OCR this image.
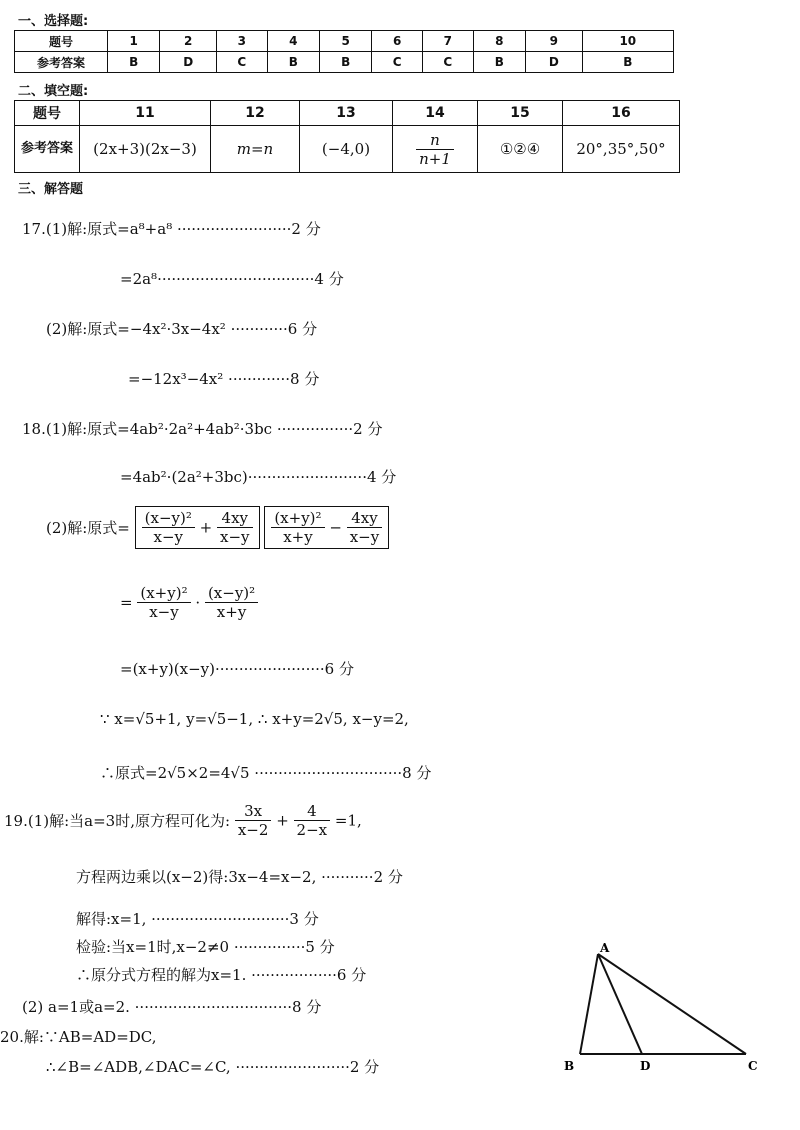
一、选择题:
题号	1	2	3	4	5	6	7	8	9	10
参考答案	B	D	C	B	B	C	C	B	D	B
二、填空题:
题号	11	12	13	14	15	16
参考答案	(2x+3)(2x−3)	m=n	(−4,0)	$\frac{n}{n+1}$	①②④	20°,35°,50°
三、解答题
17.(1)解:原式=a⁸+a⁸ ························2 分
=2a⁸·································4 分
(2)解:原式=−4x²·3x−4x² ············6 分
=−12x³−4x² ·············8 分
18.(1)解:原式=4ab²·2a²+4ab²·3bc ················2 分
=4ab²·(2a²+3bc)·························4 分
(2)解:原式= $\frac{\text{(x−y)²}}{x-y} + \frac{4xy}{x-y}$
$\frac{\text{(x+y)²}}{x+y} - \frac{4xy}{x-y}$
= $\frac{\text{(x+y)²}}{x-y} \cdot \frac{\text{(x−y)²}}{x+y}$
=(x+y)(x−y)·······················6 分
∵ x=√5+1, y=√5−1, ∴ x+y=2√5, x−y=2,
∴原式=2√5×2=4√5 ·······························8 分
19.(1)解:当a=3时,原方程可化为: $\frac{3x}{x-2} + \frac{4}{2-x} =1$,
方程两边乘以(x−2)得:3x−4=x−2, ···········2 分
解得:x=1, ·····························3 分
检验:当x=1时,x−2≠0 ···············5 分
∴原分式方程的解为x=1. ··················6 分
(2) a=1或a=2. ·································8 分
20.解:∵AB=AD=DC,
∴∠B=∠ADB,∠DAC=∠C, ························2 分
A
B	D	C
